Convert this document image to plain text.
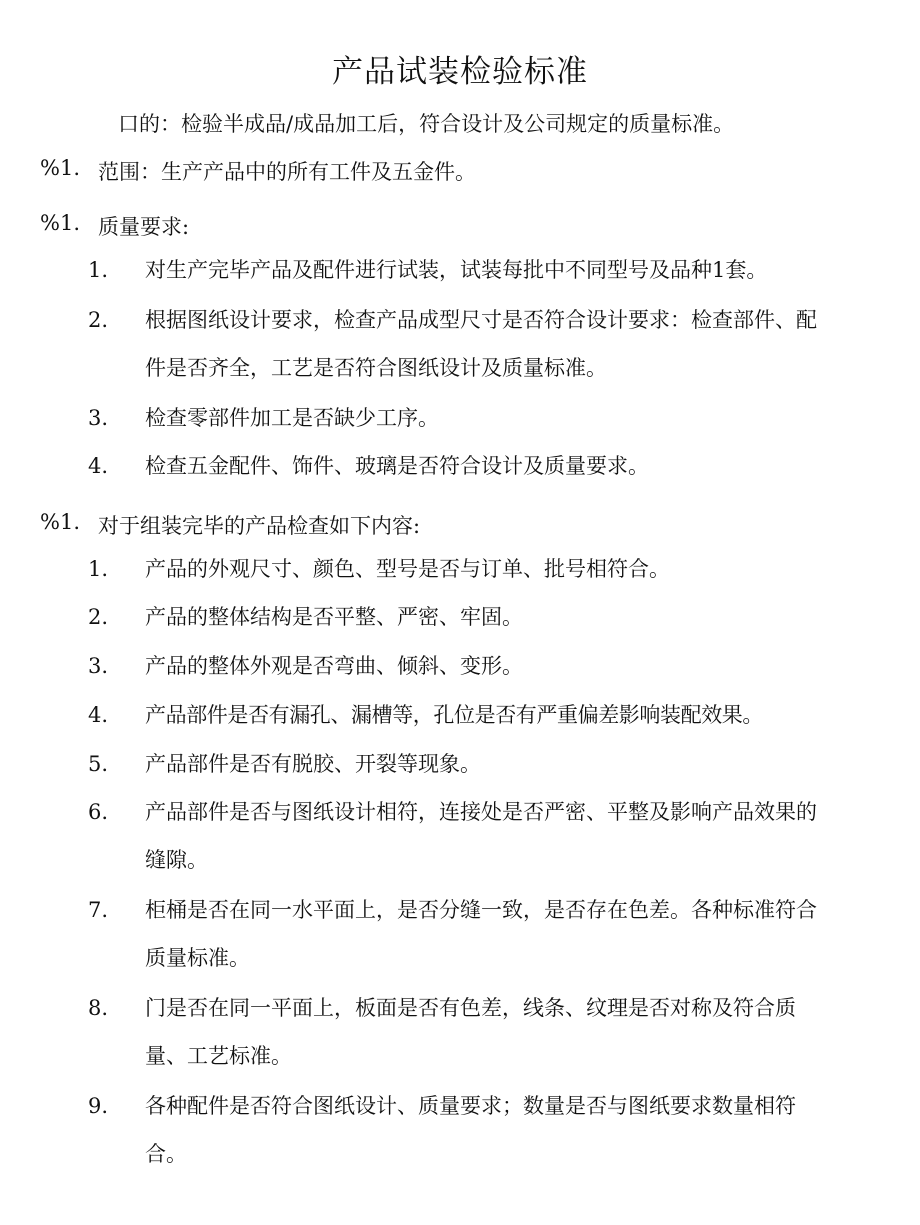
产品试装检验标准
口的：检验半成品/成品加工后，符合设计及公司规定的质量标准。
%1. 范围：生产产品中的所有工件及五金件。
%1. 质量要求:
1.	对生产完毕产品及配件进行试装，试装每批中不同型号及品种1套。
2.	根据图纸设计要求，检查产品成型尺寸是否符合设计要求：检查部件、配件是否齐全，工艺是否符合图纸设计及质量标准。
3.	检查零部件加工是否缺少工序。
4.	检查五金配件、饰件、玻璃是否符合设计及质量要求。
%1. 对于组装完毕的产品检查如下内容:
1.	产品的外观尺寸、颜色、型号是否与订单、批号相符合。
2.	产品的整体结构是否平整、严密、牢固。
3.	产品的整体外观是否弯曲、倾斜、变形。
4.	产品部件是否有漏孔、漏槽等，孔位是否有严重偏差影响装配效果。
5.	产品部件是否有脱胶、开裂等现象。
6.	产品部件是否与图纸设计相符，连接处是否严密、平整及影响产品效果的缝隙。
7.	柜桶是否在同一水平面上，是否分缝一致，是否存在色差。各种标准符合质量标准。
8.	门是否在同一平面上，板面是否有色差，线条、纹理是否对称及符合质量、工艺标准。
9.	各种配件是否符合图纸设计、质量要求；数量是否与图纸要求数量相符合。
